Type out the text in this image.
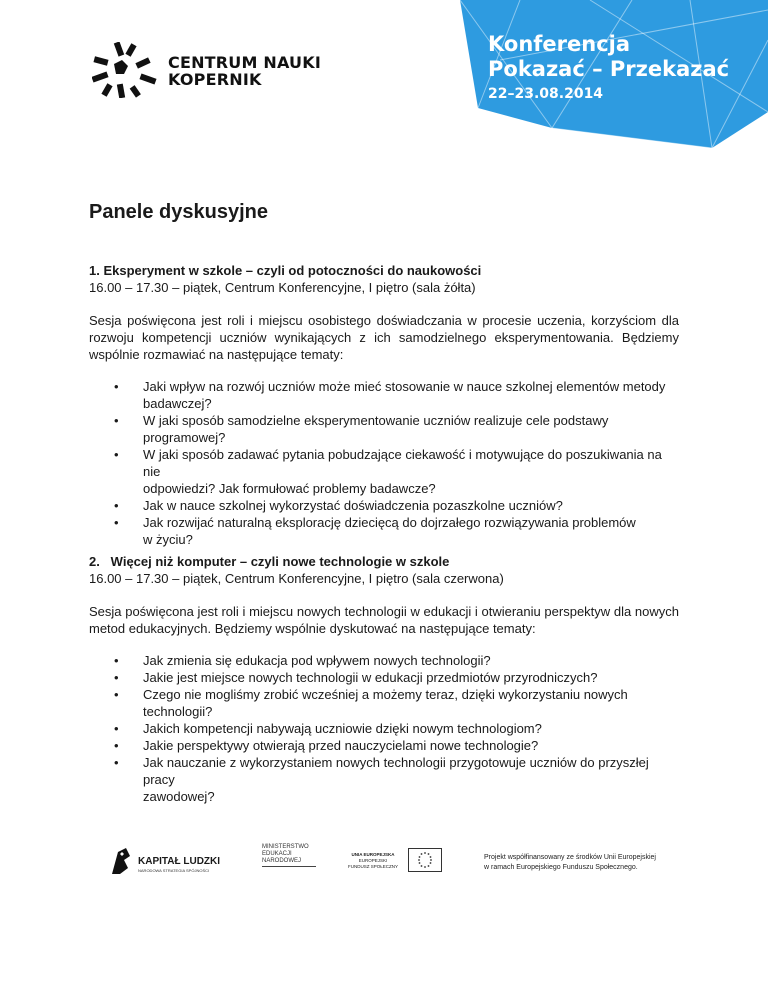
Konferencja
Pokazać – Przekazać
22–23.08.2014
CENTRUM NAUKI
KOPERNIK
Panele dyskusyjne
1. Eksperyment w szkole – czyli od potoczności do naukowości
16.00 – 17.30 – piątek, Centrum Konferencyjne, I piętro (sala żółta)
Sesja poświęcona jest roli i miejscu osobistego doświadczania w procesie uczenia, korzyściom dla rozwoju kompetencji uczniów wynikających z ich samodzielnego eksperymentowania. Będziemy wspólnie rozmawiać na następujące tematy:
• Jaki wpływ na rozwój uczniów może mieć stosowanie w nauce szkolnej elementów metody
badawczej?
• W jaki sposób samodzielne eksperymentowanie uczniów realizuje cele podstawy
programowej?
• W jaki sposób zadawać pytania pobudzające ciekawość i motywujące do poszukiwania na nie
odpowiedzi? Jak formułować problemy badawcze?
• Jak w nauce szkolnej wykorzystać doświadczenia pozaszkolne uczniów?
• Jak rozwijać naturalną eksplorację dziecięcą do dojrzałego rozwiązywania problemów
w życiu?
2.   Więcej niż komputer – czyli nowe technologie w szkole
16.00 – 17.30 – piątek, Centrum Konferencyjne, I piętro (sala czerwona)
Sesja poświęcona jest roli i miejscu nowych technologii w edukacji i otwieraniu perspektyw dla nowych metod edukacyjnych. Będziemy wspólnie dyskutować na następujące tematy:
• Jak zmienia się edukacja pod wpływem nowych technologii?
• Jakie jest miejsce nowych technologii w edukacji przedmiotów przyrodniczych?
• Czego nie mogliśmy zrobić wcześniej a możemy teraz, dzięki wykorzystaniu nowych
technologii?
• Jakich kompetencji nabywają uczniowie dzięki nowym technologiom?
• Jakie perspektywy otwierają przed nauczycielami nowe technologie?
• Jak nauczanie z wykorzystaniem nowych technologii przygotowuje uczniów do przyszłej pracy
zawodowej?
KAPITAŁ LUDZKI
NARODOWA STRATEGIA SPÓJNOŚCI
MINISTERSTWO
EDUKACJI
NARODOWEJ
UNIA EUROPEJSKA
EUROPEJSKI
FUNDUSZ SPOŁECZNY
Projekt współfinansowany ze środków Unii Europejskiej
w ramach Europejskiego Funduszu Społecznego.
